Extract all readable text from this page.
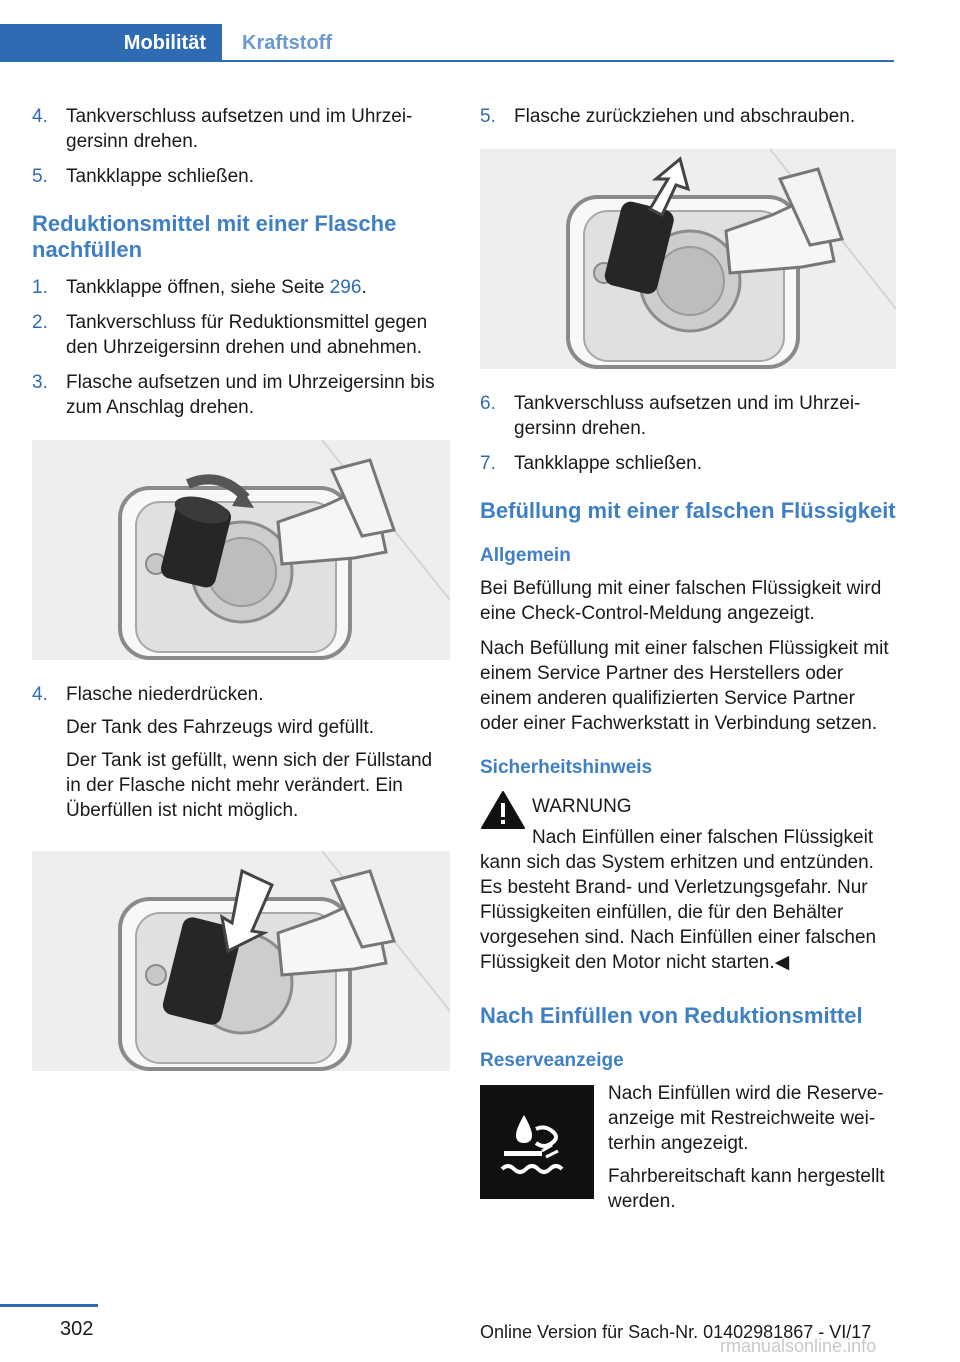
Mobilität Kraftstoff
4. Tankverschluss aufsetzen und im Uhrzeigersinn drehen.
5. Tankklappe schließen.
Reduktionsmittel mit einer Flasche nachfüllen
1. Tankklappe öffnen, siehe Seite 296.
2. Tankverschluss für Reduktionsmittel gegen den Uhrzeigersinn drehen und abnehmen.
3. Flasche aufsetzen und im Uhrzeigersinn bis zum Anschlag drehen.
4. Flasche niederdrücken.

Der Tank des Fahrzeugs wird gefüllt.

Der Tank ist gefüllt, wenn sich der Füllstand in der Flasche nicht mehr verändert. Ein Überfüllen ist nicht möglich.

5. Flasche zurückziehen und abschrauben.
6. Tankverschluss aufsetzen und im Uhrzeigersinn drehen.
7. Tankklappe schließen.
Befüllung mit einer falschen Flüssigkeit
Allgemein

Bei Befüllung mit einer falschen Flüssigkeit wird eine Check-Control-Meldung angezeigt.

Nach Befüllung mit einer falschen Flüssigkeit mit einem Service Partner des Herstellers oder einem anderen qualifizierten Service Partner oder einer Fachwerkstatt in Verbindung setzen.

Sicherheitshinweis
WARNUNG
Nach Einfüllen einer falschen Flüssigkeit
kann sich das System erhitzen und entzünden. Es besteht Brand- und Verletzungsgefahr. Nur Flüssigkeiten einfüllen, die für den Behälter vorgesehen sind. Nach Einfüllen einer falschen Flüssigkeit den Motor nicht starten.◀
Nach Einfüllen von Reduktionsmittel
Reserveanzeige

Nach Einfüllen wird die Reserveanzeige mit Restreichweite weiterhin angezeigt.

Fahrbereitschaft kann hergestellt werden.

302	Online Version für Sach-Nr. 01402981867 - VI/17
rmanualsonline.info
